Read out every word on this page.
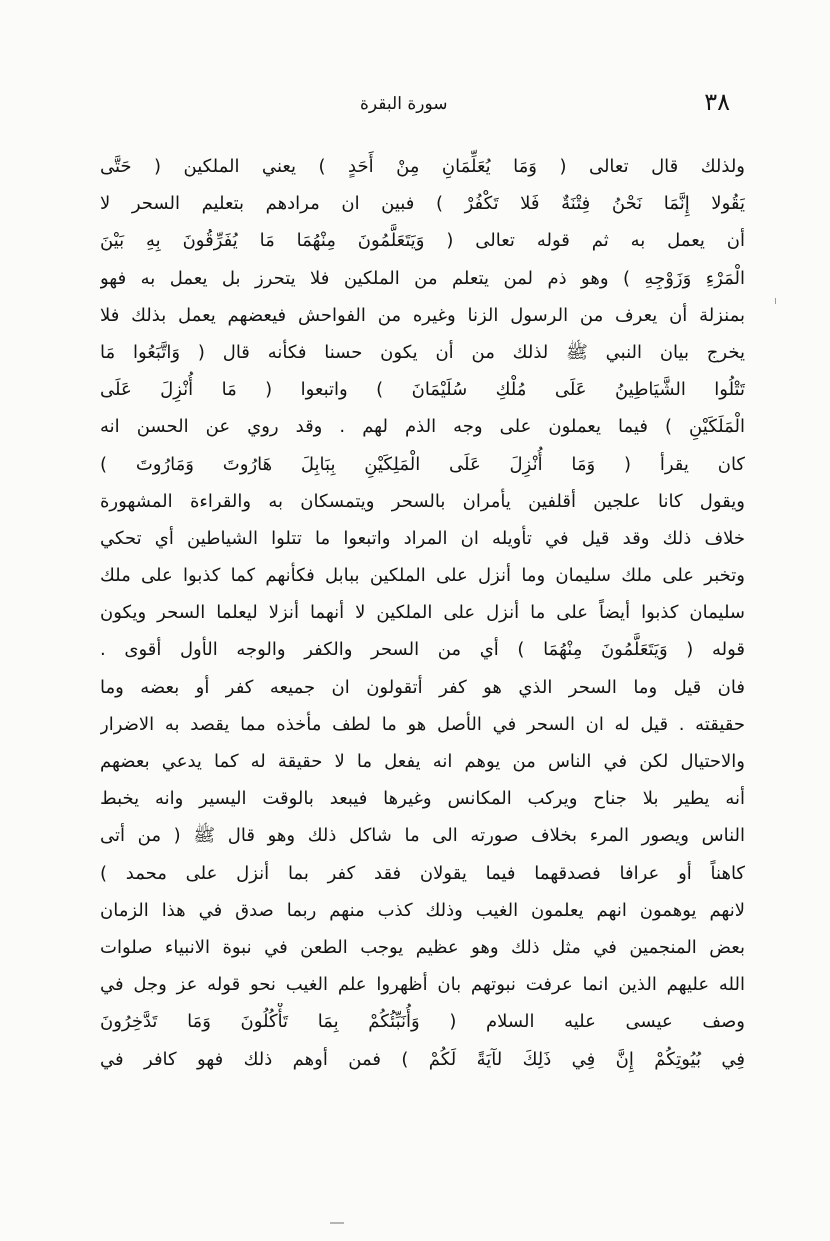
سورة البقرة	٣٨
ولذلك قال تعالى ( وَمَا يُعَلِّمَانِ مِنْ أَحَدٍ ) يعني الملكين ( حَتَّى
يَقُولا إِنَّمَا نَحْنُ فِتْنَةٌ فَلا تَكْفُرْ ) فبين ان مرادهم بتعليم السحر لا
أن يعمل به ثم قوله تعالى ( وَيَتَعَلَّمُونَ مِنْهُمَا مَا يُفَرِّقُونَ بِهِ بَيْنَ
الْمَرْءِ وَزَوْجِهِ ) وهو ذم لمن يتعلم من الملكين فلا يتحرز بل يعمل به فهو
بمنزلة أن يعرف من الرسول الزنا وغيره من الفواحش فيعضهم يعمل بذلك فلا
يخرج بيان النبي ﷺ لذلك من أن يكون حسنا فكأنه قال ( وَاتَّبَعُوا مَا
تَتْلُوا الشَّيَاطِينُ عَلَى مُلْكِ سُلَيْمَانَ ) واتبعوا ( مَا أُنْزِلَ عَلَى
الْمَلَكَيْنِ ) فيما يعملون على وجه الذم لهم . وقد روي عن الحسن انه
كان يقرأ ( وَمَا أُنْزِلَ عَلَى الْمَلِكَيْنِ بِبَابِلَ هَارُوتَ وَمَارُوتَ )
ويقول كانا علجين أقلفين يأمران بالسحر ويتمسكان به والقراءة المشهورة
خلاف ذلك وقد قيل في تأويله ان المراد واتبعوا ما تتلوا الشياطين أي تحكي
وتخبر على ملك سليمان وما أنزل على الملكين ببابل فكأنهم كما كذبوا على ملك
سليمان كذبوا أيضاً على ما أنزل على الملكين لا أنهما أنزلا ليعلما السحر ويكون
قوله ( وَيَتَعَلَّمُونَ مِنْهُمَا ) أي من السحر والكفر والوجه الأول أقوى .
فان قيل وما السحر الذي هو كفر أتقولون ان جميعه كفر أو بعضه وما
حقيقته . قيل له ان السحر في الأصل هو ما لطف مأخذه مما يقصد به الاضرار
والاحتيال لكن في الناس من يوهم انه يفعل ما لا حقيقة له كما يدعي بعضهم
أنه يطير بلا جناح ويركب المكانس وغيرها فيبعد بالوقت اليسير وانه يخبط
الناس ويصور المرء بخلاف صورته الى ما شاكل ذلك وهو قال ﷺ ( من أتى
كاهناً أو عرافا فصدقهما فيما يقولان فقد كفر بما أنزل على محمد )
لانهم يوهمون انهم يعلمون الغيب وذلك كذب منهم ربما صدق في هذا الزمان
بعض المنجمين في مثل ذلك وهو عظيم يوجب الطعن في نبوة الانبياء صلوات
الله عليهم الذين انما عرفت نبوتهم بان أظهروا علم الغيب نحو قوله عز وجل في
وصف عيسى عليه السلام ( وَأُنَبِّئُكُمْ بِمَا تَأْكُلُونَ وَمَا تَدَّخِرُونَ
فِي بُيُوتِكُمْ إِنَّ فِي ذَلِكَ لآيَةً لَكُمْ ) فمن أوهم ذلك فهو كافر في
